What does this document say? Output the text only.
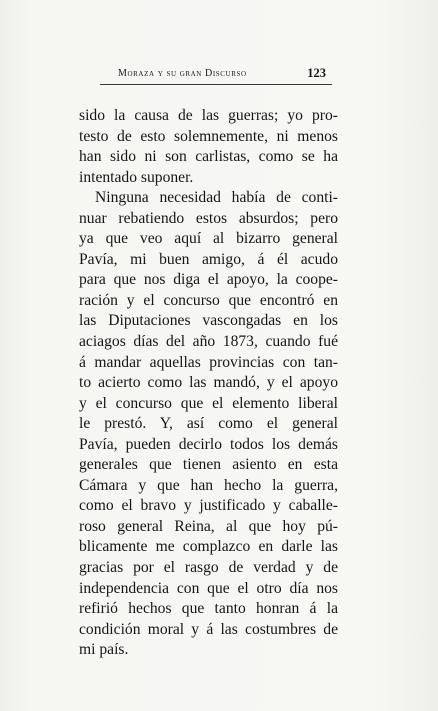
Moraza y su gran Discurso	123
sido la causa de las guerras; yo pro-
testo de esto solemnemente, ni menos
han sido ni son carlistas, como se ha
intentado suponer.
Ninguna necesidad había de conti-
nuar rebatiendo estos absurdos; pero
ya que veo aquí al bizarro general
Pavía, mi buen amigo, á él acudo
para que nos diga el apoyo, la coope-
ración y el concurso que encontró en
las Diputaciones vascongadas en los
aciagos días del año 1873, cuando fué
á mandar aquellas provincias con tan-
to acierto como las mandó, y el apoyo
y el concurso que el elemento liberal
le prestó. Y, así como el general
Pavía, pueden decirlo todos los demás
generales que tienen asiento en esta
Cámara y que han hecho la guerra,
como el bravo y justificado y caballe-
roso general Reina, al que hoy pú-
blicamente me complazco en darle las
gracias por el rasgo de verdad y de
independencia con que el otro día nos
refirió hechos que tanto honran á la
condición moral y á las costumbres de
mi país.
